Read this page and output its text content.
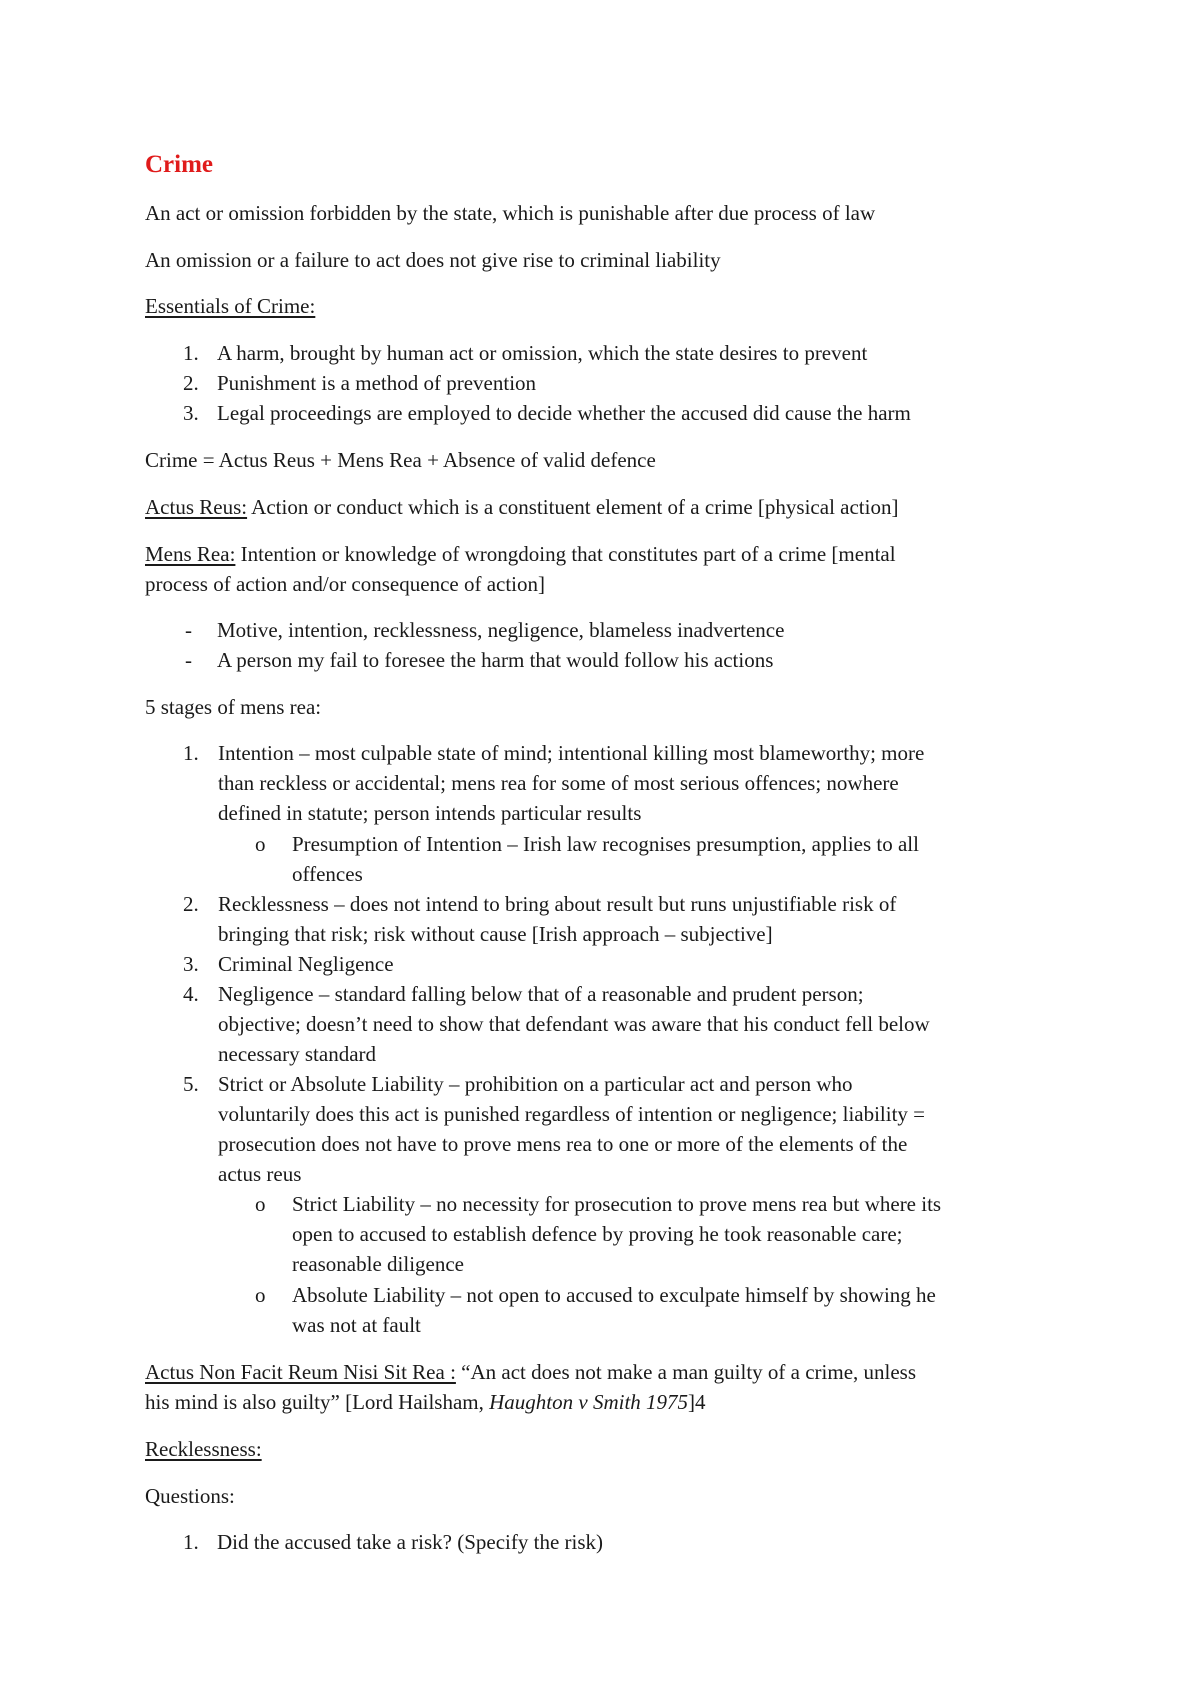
Crime
An act or omission forbidden by the state, which is punishable after due process of law
An omission or a failure to act does not give rise to criminal liability
Essentials of Crime:
1. A harm, brought by human act or omission, which the state desires to prevent
2. Punishment is a method of prevention
3. Legal proceedings are employed to decide whether the accused did cause the harm
Crime = Actus Reus + Mens Rea + Absence of valid defence
Actus Reus: Action or conduct which is a constituent element of a crime [physical action]
Mens Rea: Intention or knowledge of wrongdoing that constitutes part of a crime [mental
process of action and/or consequence of action]
- Motive, intention, recklessness, negligence, blameless inadvertence
- A person my fail to foresee the harm that would follow his actions
5 stages of mens rea:
1. Intention – most culpable state of mind; intentional killing most blameworthy; more
than reckless or accidental; mens rea for some of most serious offences; nowhere
defined in statute; person intends particular results
o Presumption of Intention – Irish law recognises presumption, applies to all
offences
2. Recklessness – does not intend to bring about result but runs unjustifiable risk of
bringing that risk; risk without cause [Irish approach – subjective]
3. Criminal Negligence
4. Negligence – standard falling below that of a reasonable and prudent person;
objective; doesn’t need to show that defendant was aware that his conduct fell below
necessary standard
5. Strict or Absolute Liability – prohibition on a particular act and person who
voluntarily does this act is punished regardless of intention or negligence; liability =
prosecution does not have to prove mens rea to one or more of the elements of the
actus reus
o Strict Liability – no necessity for prosecution to prove mens rea but where its
open to accused to establish defence by proving he took reasonable care;
reasonable diligence
o Absolute Liability – not open to accused to exculpate himself by showing he
was not at fault
Actus Non Facit Reum Nisi Sit Rea : “An act does not make a man guilty of a crime, unless
his mind is also guilty” [Lord Hailsham, Haughton v Smith 1975]4
Recklessness:
Questions:
1. Did the accused take a risk? (Specify the risk)
